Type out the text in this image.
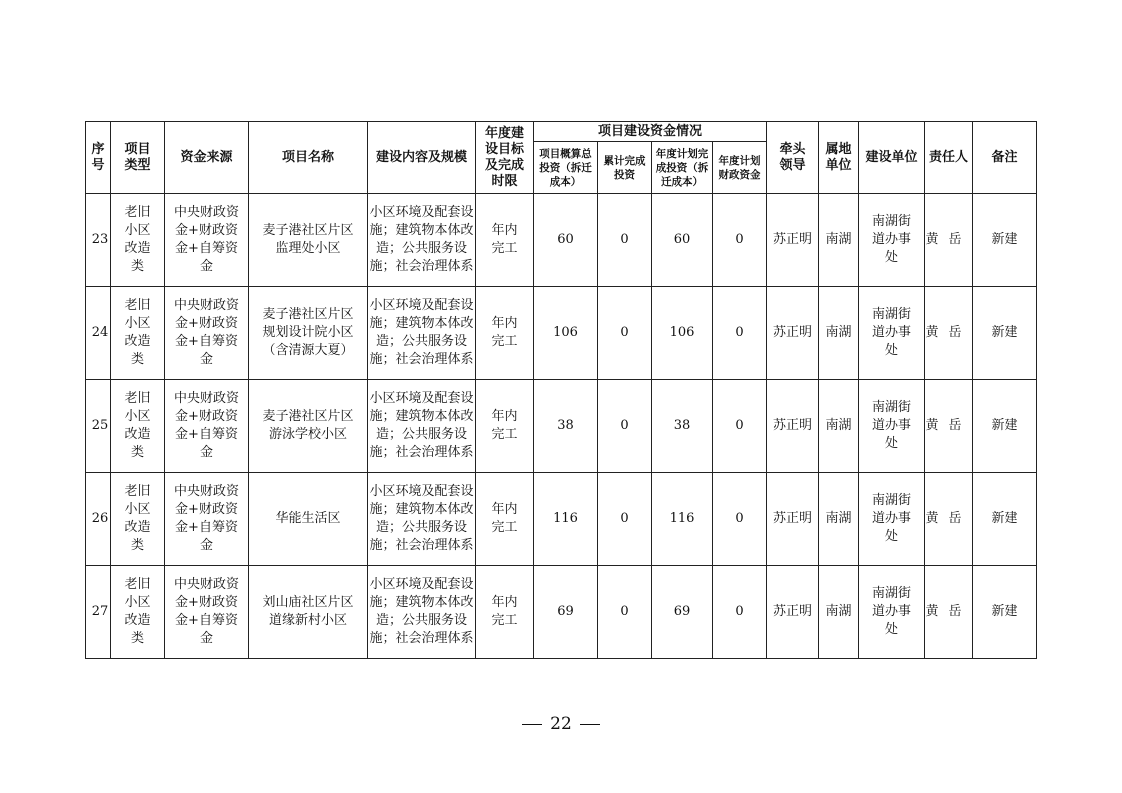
序号	项目类型	资金来源	项目名称	建设内容及规模	年度建设目标及完成时限	项目建设资金情况				牵头领导	属地单位	建设单位	责任人	备注
						项目概算总投资（拆迁成本）	累计完成投资	年度计划完成投资（拆迁成本）	年度计划财政资金					
23	老旧小区改造类	中央财政资金+财政资金+自筹资金	麦子港社区片区监理处小区	小区环境及配套设施；建筑物本体改造；公共服务设施；社会治理体系	年内完工	60	0	60	0	苏正明	南湖	南湖街道办事处	黄岳	新建
24	老旧小区改造类	中央财政资金+财政资金+自筹资金	麦子港社区片区规划设计院小区（含清源大夏）	小区环境及配套设施；建筑物本体改造；公共服务设施；社会治理体系	年内完工	106	0	106	0	苏正明	南湖	南湖街道办事处	黄岳	新建
25	老旧小区改造类	中央财政资金+财政资金+自筹资金	麦子港社区片区游泳学校小区	小区环境及配套设施；建筑物本体改造；公共服务设施；社会治理体系	年内完工	38	0	38	0	苏正明	南湖	南湖街道办事处	黄岳	新建
26	老旧小区改造类	中央财政资金+财政资金+自筹资金	华能生活区	小区环境及配套设施；建筑物本体改造；公共服务设施；社会治理体系	年内完工	116	0	116	0	苏正明	南湖	南湖街道办事处	黄岳	新建
27	老旧小区改造类	中央财政资金+财政资金+自筹资金	刘山庙社区片区道缘新村小区	小区环境及配套设施；建筑物本体改造；公共服务设施；社会治理体系	年内完工	69	0	69	0	苏正明	南湖	南湖街道办事处	黄岳	新建
22
